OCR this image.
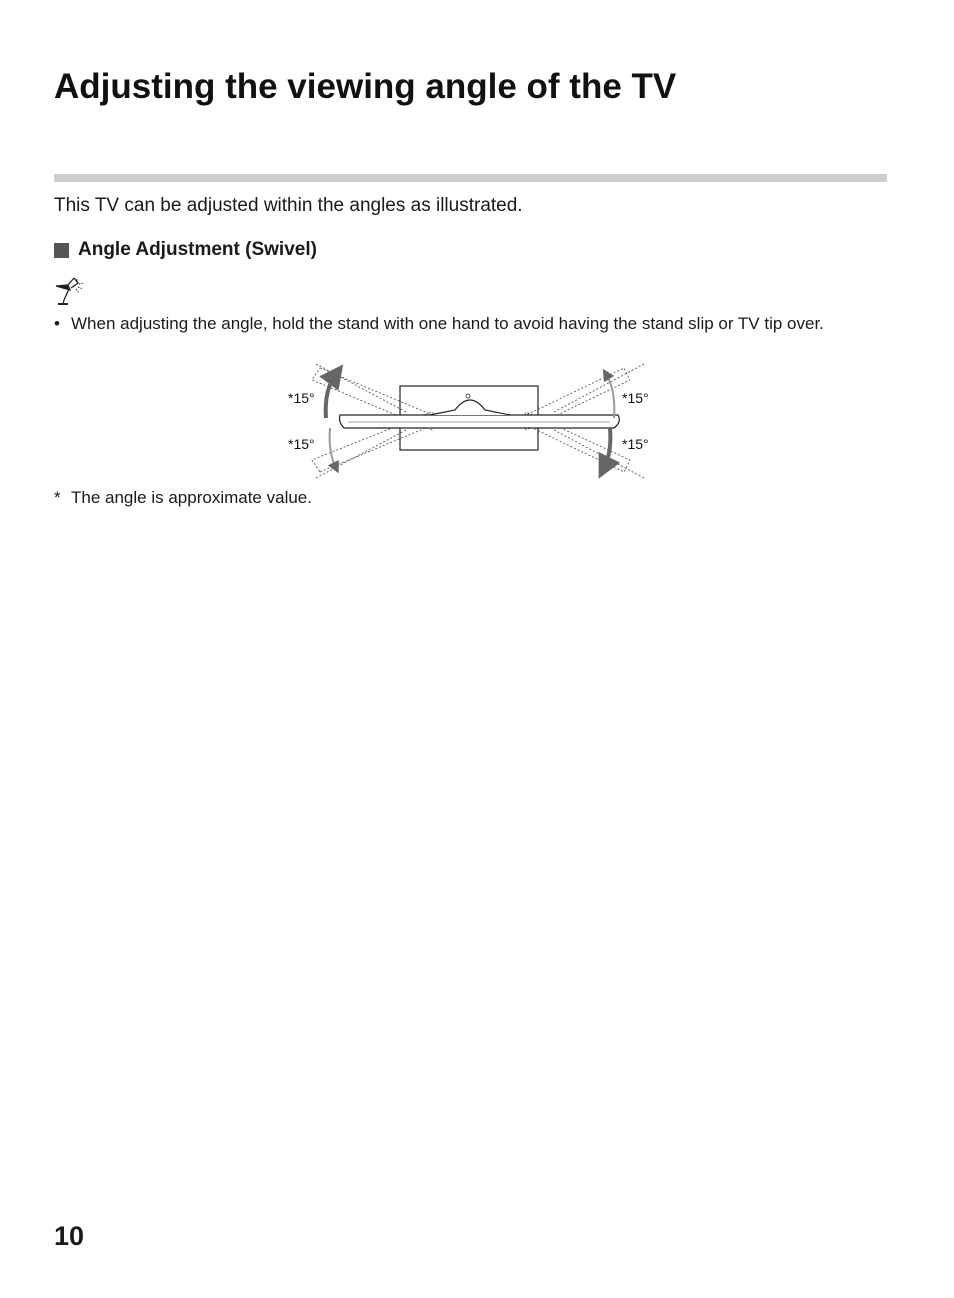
Adjusting the viewing angle of the TV

This TV can be adjusted within the angles as illustrated.

Angle Adjustment (Swivel)
• When adjusting the angle, hold the stand with one hand to avoid having the stand slip or TV tip over.
*15°
*15°
*15°
*15°
* The angle is approximate value.

10
